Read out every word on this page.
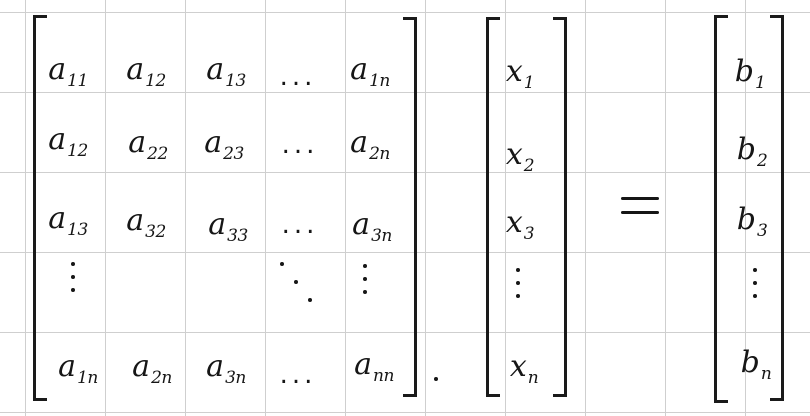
$a_{11}$ $a_{12}$ $a_{13}$ ... $a_{1n}$
$a_{12}$ $a_{22}$ $a_{23}$ ... $a_{2n}$
$a_{13}$ $a_{32}$ $a_{33}$ ... $a_{3n}$
$a_{1n}$ $a_{2n}$ $a_{3n}$ ... $a_{nn}$
$x_1$
$x_2$
$x_3$
$x_n$
$b_1$
$b_2$
$b_3$
$b_n$
